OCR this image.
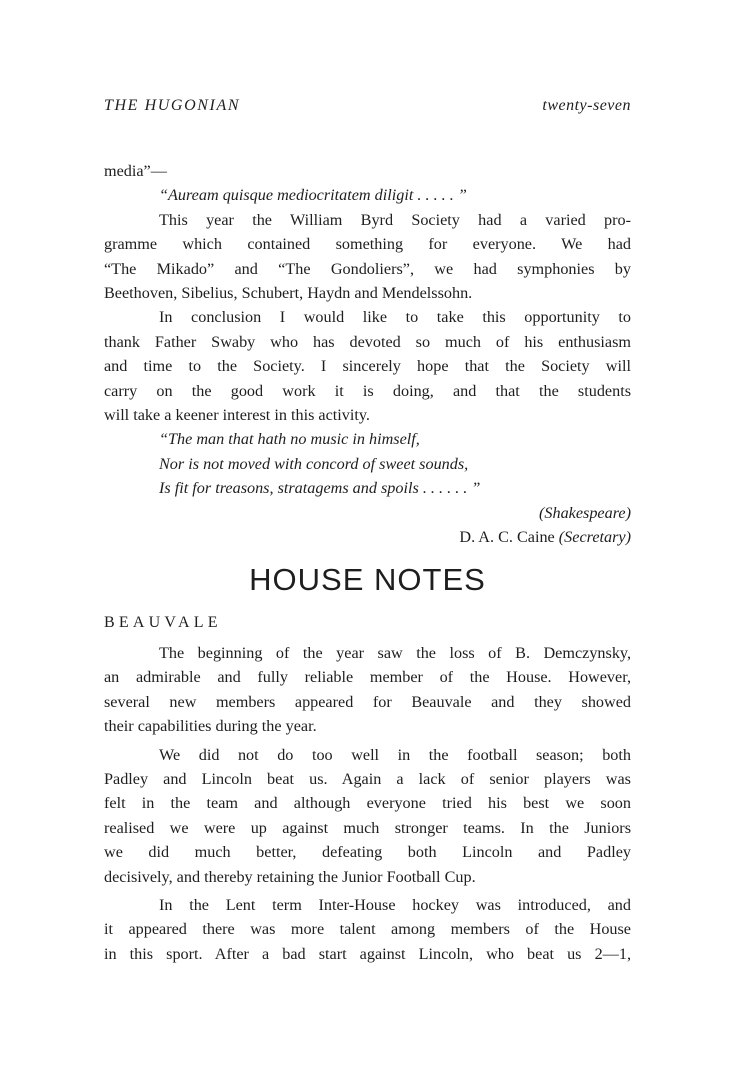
THE HUGONIAN	twenty-seven
media”—
“Auream quisque mediocritatem diligit . . . . . ”
This year the William Byrd Society had a varied pro-
gramme which contained something for everyone. We had
“The Mikado” and “The Gondoliers”, we had symphonies by
Beethoven, Sibelius, Schubert, Haydn and Mendelssohn.
In conclusion I would like to take this opportunity to
thank Father Swaby who has devoted so much of his enthusiasm
and time to the Society. I sincerely hope that the Society will
carry on the good work it is doing, and that the students
will take a keener interest in this activity.
“The man that hath no music in himself,
Nor is not moved with concord of sweet sounds,
Is fit for treasons, stratagems and spoils . . . . . . ”
(Shakespeare)
D. A. C. Caine (Secretary)
HOUSE NOTES
BEAUVALE
The beginning of the year saw the loss of B. Demczynsky,
an admirable and fully reliable member of the House. However,
several new members appeared for Beauvale and they showed
their capabilities during the year.
We did not do too well in the football season; both
Padley and Lincoln beat us. Again a lack of senior players was
felt in the team and although everyone tried his best we soon
realised we were up against much stronger teams. In the Juniors
we did much better, defeating both Lincoln and Padley
decisively, and thereby retaining the Junior Football Cup.
In the Lent term Inter-House hockey was introduced, and
it appeared there was more talent among members of the House
in this sport. After a bad start against Lincoln, who beat us 2—1,
